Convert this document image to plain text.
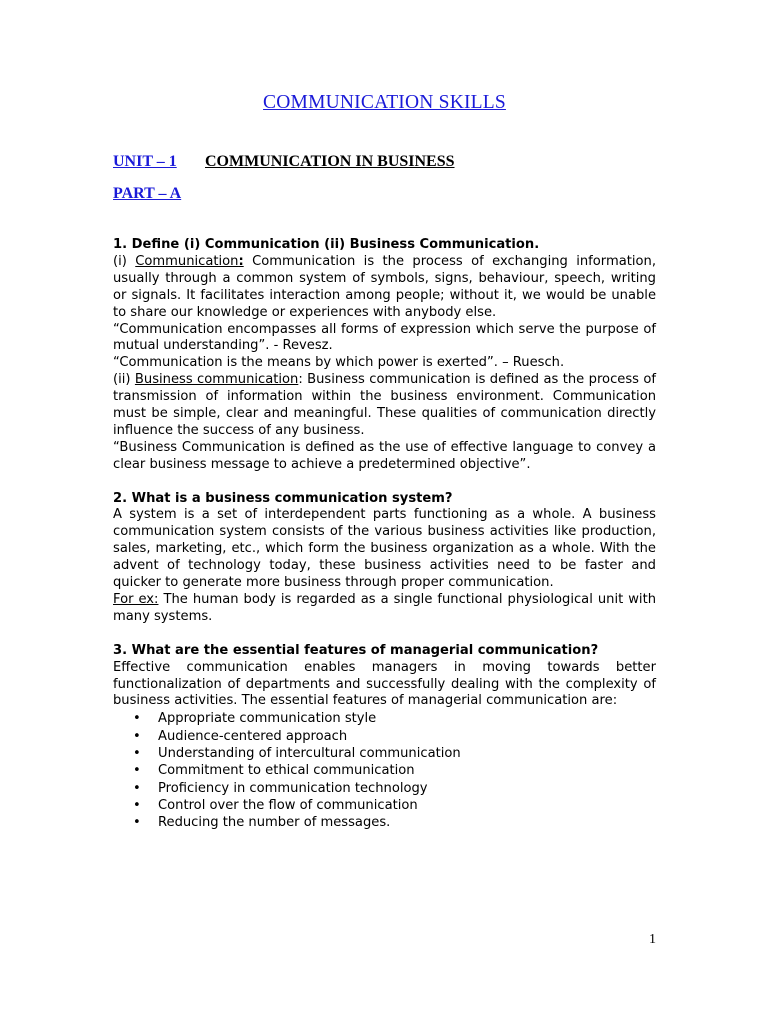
COMMUNICATION SKILLS
UNIT – 1 COMMUNICATION IN BUSINESS
PART – A

1. Define (i) Communication (ii) Business Communication.

(i) Communication: Communication is the process of exchanging information, usually through a common system of symbols, signs, behaviour, speech, writing or signals. It facilitates interaction among people; without it, we would be unable to share our knowledge or experiences with anybody else.

“Communication encompasses all forms of expression which serve the purpose of mutual understanding”. - Revesz.

“Communication is the means by which power is exerted”. – Ruesch.

(ii) Business communication: Business communication is defined as the process of transmission of information within the business environment. Communication must be simple, clear and meaningful. These qualities of communication directly influence the success of any business.

“Business Communication is defined as the use of effective language to convey a clear business message to achieve a predetermined objective”.

2. What is a business communication system?

A system is a set of interdependent parts functioning as a whole. A business communication system consists of the various business activities like production, sales, marketing, etc., which form the business organization as a whole. With the advent of technology today, these business activities need to be faster and quicker to generate more business through proper communication.

For ex: The human body is regarded as a single functional physiological unit with many systems.

3. What are the essential features of managerial communication?

Effective communication enables managers in moving towards better functionalization of departments and successfully dealing with the complexity of business activities. The essential features of managerial communication are:

• Appropriate communication style
• Audience-centered approach
• Understanding of intercultural communication
• Commitment to ethical communication
• Proficiency in communication technology
• Control over the flow of communication
• Reducing the number of messages.
1
